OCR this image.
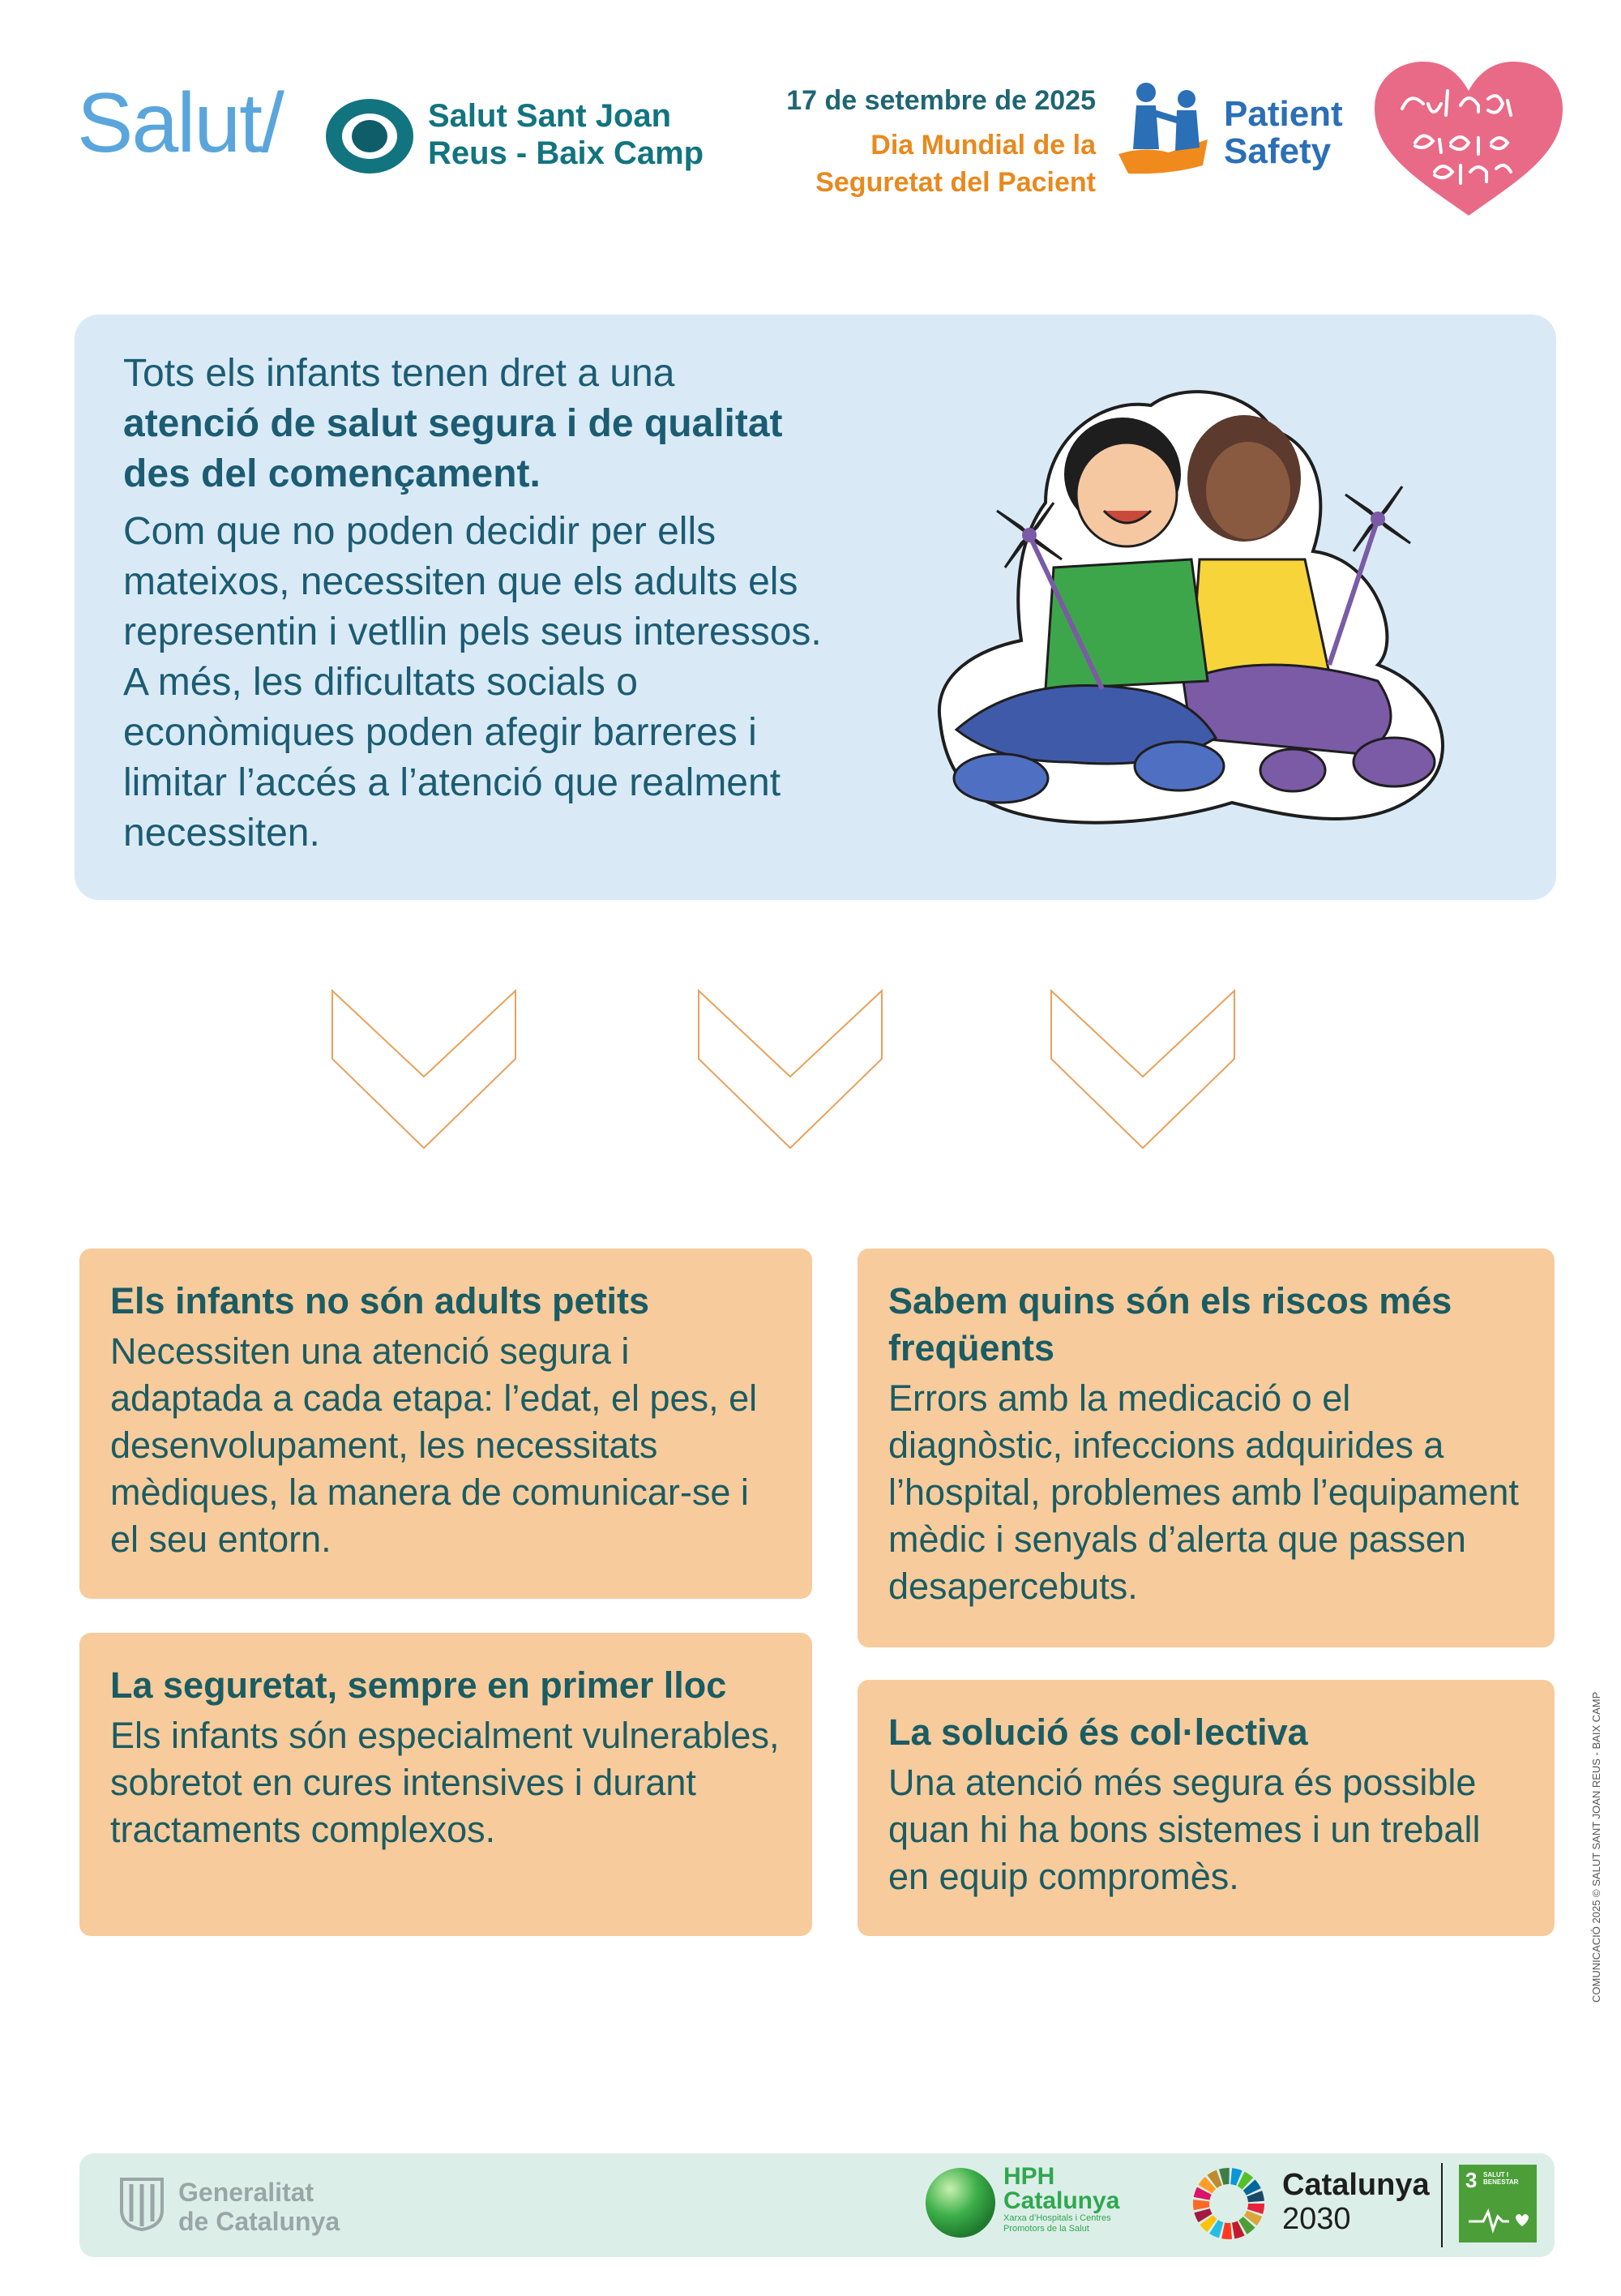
Salut/	Salut Sant Joan
Reus - Baix Camp
17 de setembre de 2025
Dia Mundial de la
Seguretat del Pacient
Patient
Safety
Tots els infants tenen dret a una atenció de salut segura i de qualitat des del començament.
Com que no poden decidir per ells mateixos, necessiten que els adults els representin i vetllin pels seus interessos. A més, les dificultats socials o econòmiques poden afegir barreres i limitar l’accés a l’atenció que realment necessiten.
Els infants no són adults petits
Necessiten una atenció segura i adaptada a cada etapa: l’edat, el pes, el desenvolupament, les necessitats mèdiques, la manera de comunicar-se i el seu entorn.
Sabem quins són els riscos més freqüents
Errors amb la medicació o el diagnòstic, infeccions adquirides a l’hospital, problemes amb l’equipament mèdic i senyals d’alerta que passen desapercebuts.
La seguretat, sempre en primer lloc
Els infants són especialment vulnerables, sobretot en cures intensives i durant tractaments complexos.
La solució és col·lectiva
Una atenció més segura és possible quan hi ha bons sistemes i un treball en equip compromès.
Generalitat
de Catalunya
HPH
Catalunya
Xarxa d’Hospitals i Centres
Promotors de la Salut
Catalunya
2030
3 SALUT I BENESTAR
COMUNICACIÓ 2025 © SALUT SANT JOAN REUS - BAIX CAMP
